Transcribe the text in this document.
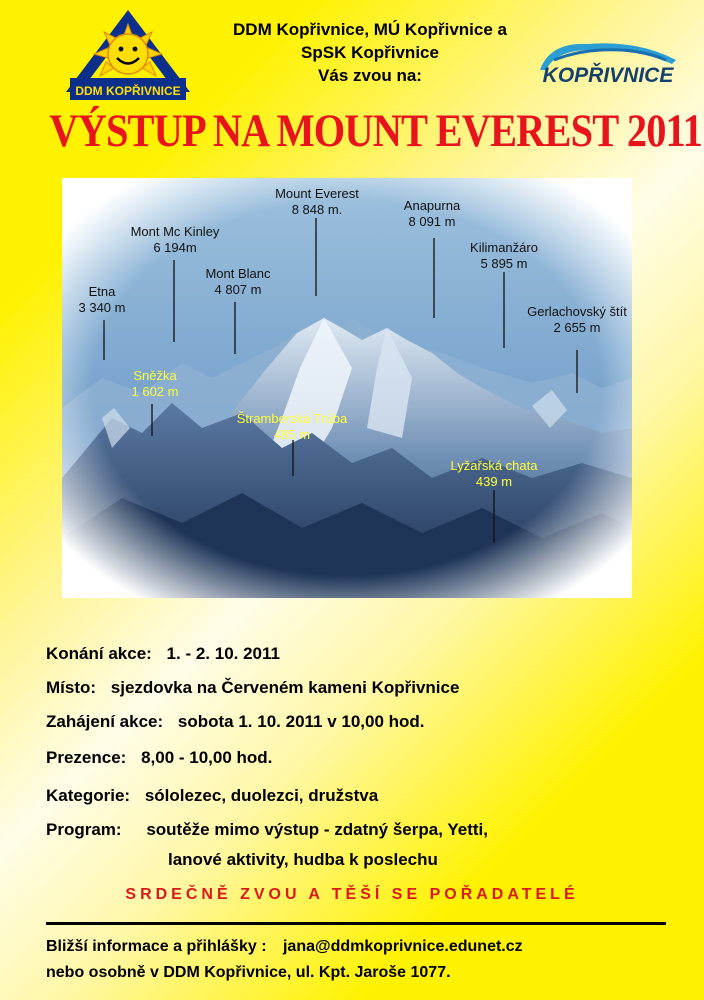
DDM KOPŘIVNICE
KOPŘIVNICE
DDM Kopřivnice, MÚ Kopřivnice a
SpSK Kopřivnice
Vás zvou na:
VÝSTUP NA MOUNT EVEREST 2011
Mount Everest
8 848 m.	Anapurna
8 091 m
Mont Mc Kinley
6 194m	Kilimanžáro
5 895 m
Mont Blanc
4 807 m
Etna
3 340 m	Gerlachovský štít
2 655 m
Sněžka
1 602 m
Štramberská Trúba
485 m
Lyžařská chata
439 m
Konání akce: 1. - 2. 10. 2011
Místo: sjezdovka na Červeném kameni Kopřivnice
Zahájení akce: sobota 1. 10. 2011 v 10,00 hod.
Prezence: 8,00 - 10,00 hod.
Kategorie: sólolezec, duolezci, družstva
Program: soutěže mimo výstup - zdatný šerpa, Yetti,
lanové aktivity, hudba k poslechu
SRDEČNĚ ZVOU A TĚŠÍ SE POŘADATELÉ
Bližší informace a přihlášky : jana@ddmkoprivnice.edunet.cz
nebo osobně v DDM Kopřivnice, ul. Kpt. Jaroše 1077.
